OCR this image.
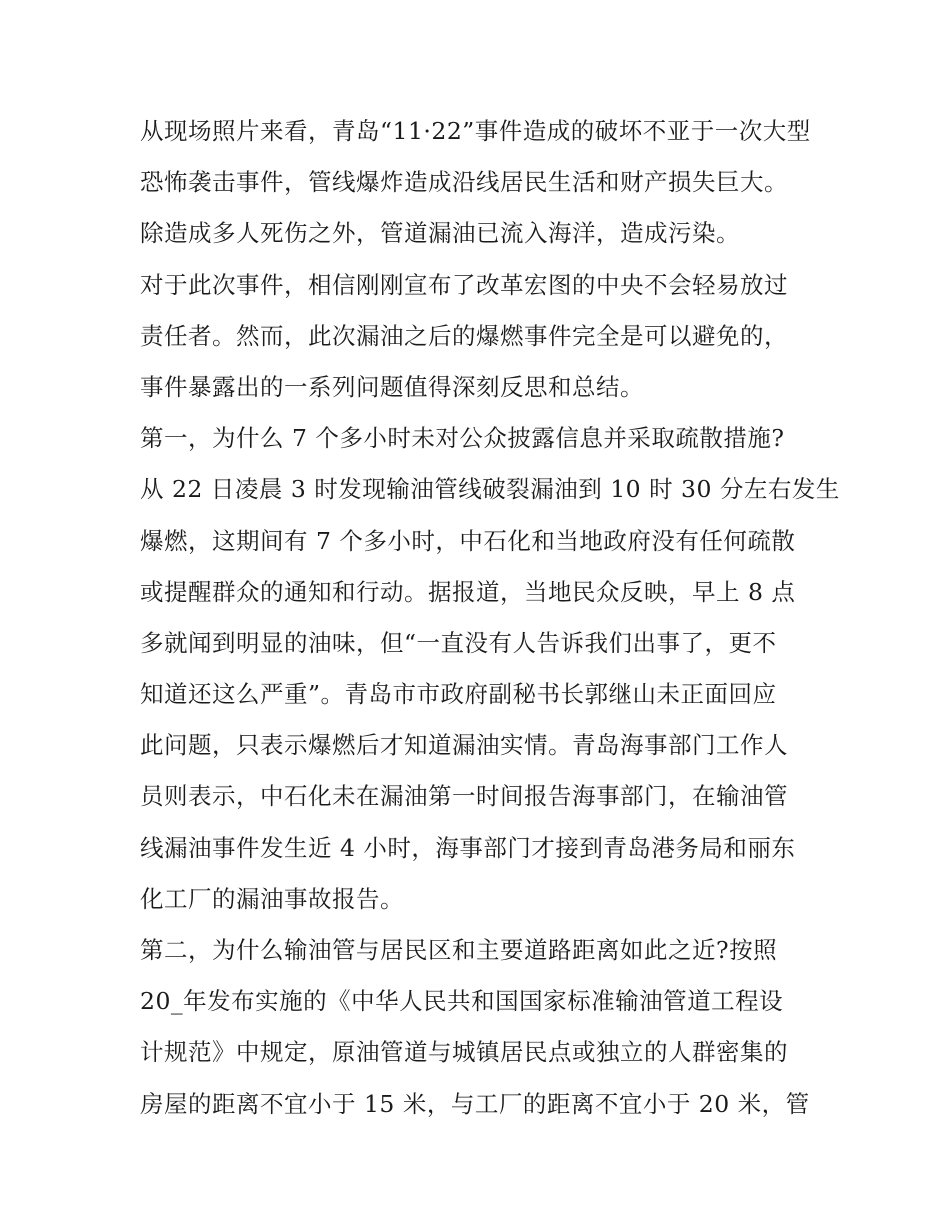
从现场照片来看，青岛“11·22”事件造成的破坏不亚于一次大型
恐怖袭击事件，管线爆炸造成沿线居民生活和财产损失巨大。
除造成多人死伤之外，管道漏油已流入海洋，造成污染。
对于此次事件，相信刚刚宣布了改革宏图的中央不会轻易放过
责任者。然而，此次漏油之后的爆燃事件完全是可以避免的，
事件暴露出的一系列问题值得深刻反思和总结。
第一，为什么 7 个多小时未对公众披露信息并采取疏散措施?
从 22 日凌晨 3 时发现输油管线破裂漏油到 10 时 30 分左右发生
爆燃，这期间有 7 个多小时，中石化和当地政府没有任何疏散
或提醒群众的通知和行动。据报道，当地民众反映，早上 8 点
多就闻到明显的油味，但“一直没有人告诉我们出事了，更不
知道还这么严重”。青岛市市政府副秘书长郭继山未正面回应
此问题，只表示爆燃后才知道漏油实情。青岛海事部门工作人
员则表示，中石化未在漏油第一时间报告海事部门，在输油管
线漏油事件发生近 4 小时，海事部门才接到青岛港务局和丽东
化工厂的漏油事故报告。
第二，为什么输油管与居民区和主要道路距离如此之近?按照
20_年发布实施的《中华人民共和国国家标准输油管道工程设
计规范》中规定，原油管道与城镇居民点或独立的人群密集的
房屋的距离不宜小于 15 米，与工厂的距离不宜小于 20 米，管
